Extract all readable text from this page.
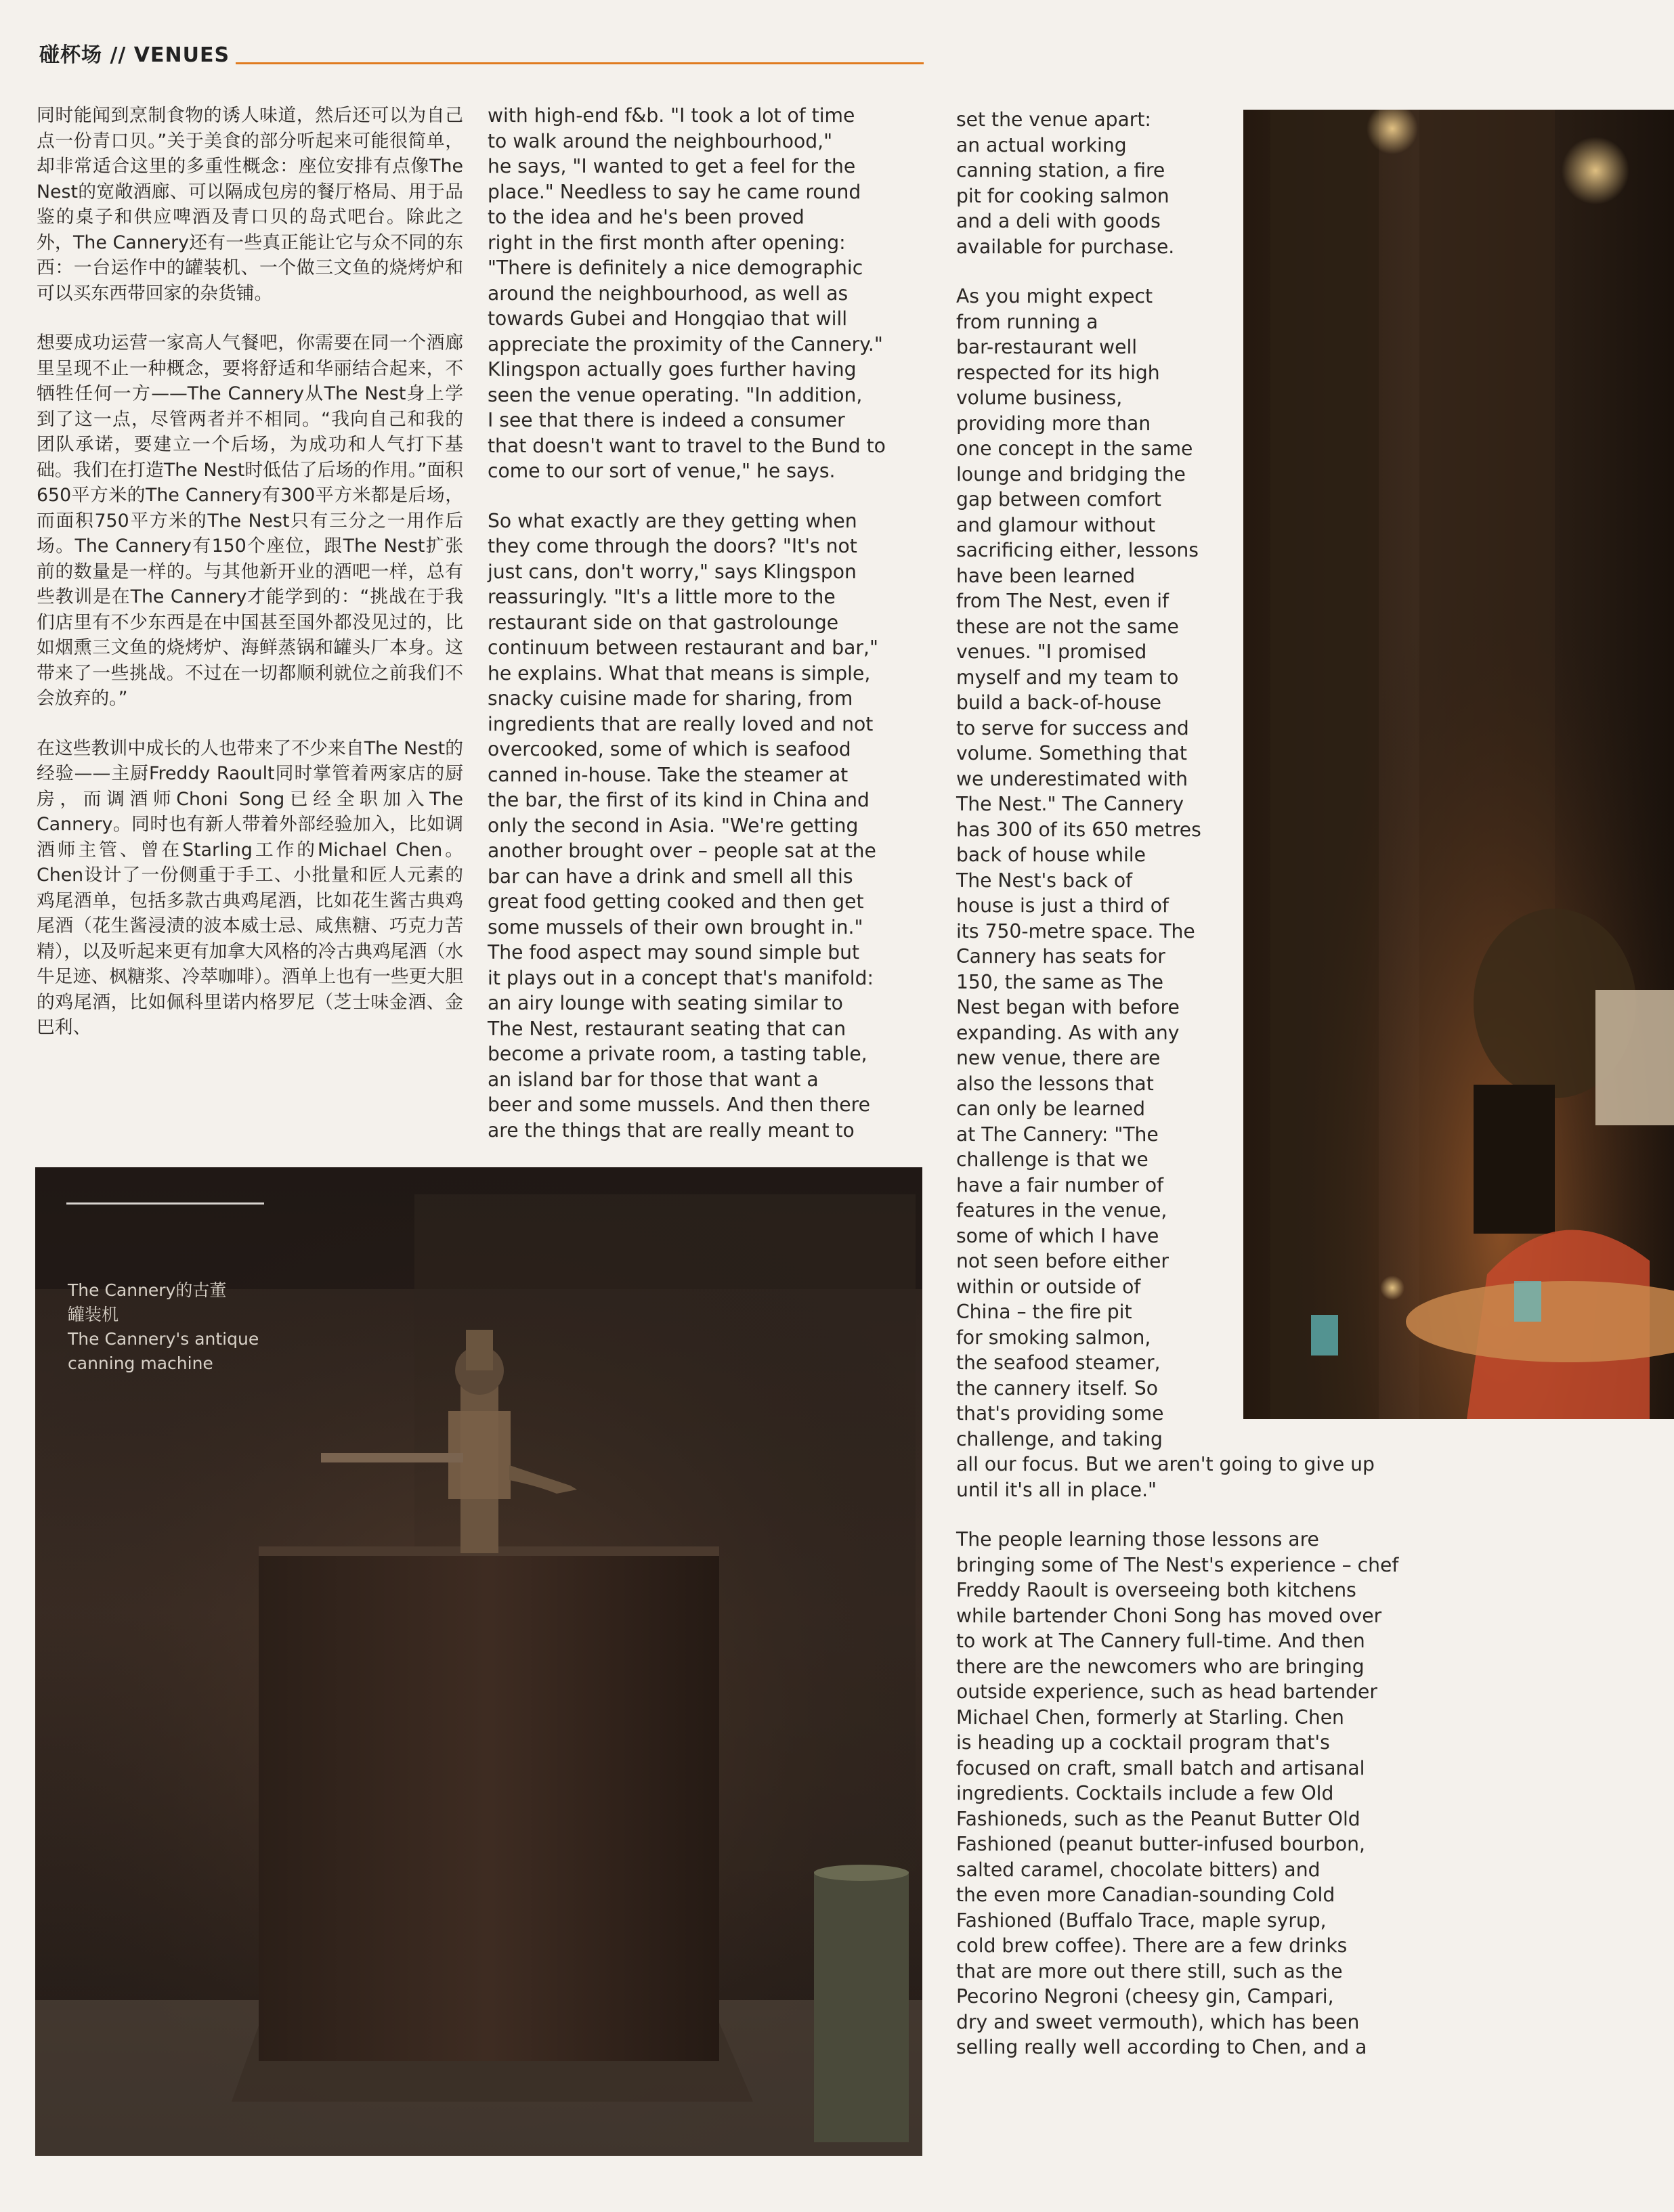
碰杯场 // VENUES

同时能闻到烹制食物的诱人味道，然后还可以为自己点一份青口贝。”关于美食的部分听起来可能很简单，却非常适合这里的多重性概念：座位安排有点像The Nest的宽敞酒廊、可以隔成包房的餐厅格局、用于品鉴的桌子和供应啤酒及青口贝的岛式吧台。除此之外，The Cannery还有一些真正能让它与众不同的东西：一台运作中的罐装机、一个做三文鱼的烧烤炉和可以买东西带回家的杂货铺。

想要成功运营一家高人气餐吧，你需要在同一个酒廊里呈现不止一种概念，要将舒适和华丽结合起来，不牺牲任何一方——The Cannery从The Nest身上学到了这一点，尽管两者并不相同。“我向自己和我的团队承诺，要建立一个后场，为成功和人气打下基础。我们在打造The Nest时低估了后场的作用。”面积650平方米的The Cannery有300平方米都是后场，而面积750平方米的The Nest只有三分之一用作后场。The Cannery有150个座位，跟The Nest扩张前的数量是一样的。与其他新开业的酒吧一样，总有些教训是在The Cannery才能学到的：“挑战在于我们店里有不少东西是在中国甚至国外都没见过的，比如烟熏三文鱼的烧烤炉、海鲜蒸锅和罐头厂本身。这带来了一些挑战。不过在一切都顺利就位之前我们不会放弃的。”

在这些教训中成长的人也带来了不少来自The Nest的经验——主厨Freddy Raoult同时掌管着两家店的厨房，而调酒师Choni Song已经全职加入The Cannery。同时也有新人带着外部经验加入，比如调酒师主管、曾在Starling工作的Michael Chen。Chen设计了一份侧重于手工、小批量和匠人元素的鸡尾酒单，包括多款古典鸡尾酒，比如花生酱古典鸡尾酒（花生酱浸渍的波本威士忌、咸焦糖、巧克力苦精），以及听起来更有加拿大风格的冷古典鸡尾酒（水牛足迹、枫糖浆、冷萃咖啡）。酒单上也有一些更大胆的鸡尾酒，比如佩科里诺内格罗尼（芝士味金酒、金巴利、

with high-end f&b. "I took a lot of time
to walk around the neighbourhood,"
he says, "I wanted to get a feel for the
place." Needless to say he came round
to the idea and he's been proved
right in the first month after opening:
"There is definitely a nice demographic
around the neighbourhood, as well as
towards Gubei and Hongqiao that will
appreciate the proximity of the Cannery."
Klingspon actually goes further having
seen the venue operating. "In addition,
I see that there is indeed a consumer
that doesn't want to travel to the Bund to
come to our sort of venue," he says.

So what exactly are they getting when
they come through the doors? "It's not
just cans, don't worry," says Klingspon
reassuringly. "It's a little more to the
restaurant side on that gastrolounge
continuum between restaurant and bar,"
he explains. What that means is simple,
snacky cuisine made for sharing, from
ingredients that are really loved and not
overcooked, some of which is seafood
canned in-house. Take the steamer at
the bar, the first of its kind in China and
only the second in Asia. "We're getting
another brought over – people sat at the
bar can have a drink and smell all this
great food getting cooked and then get
some mussels of their own brought in."
The food aspect may sound simple but
it plays out in a concept that's manifold:
an airy lounge with seating similar to
The Nest, restaurant seating that can
become a private room, a tasting table,
an island bar for those that want a
beer and some mussels. And then there
are the things that are really meant to

set the venue apart:
an actual working
canning station, a fire
pit for cooking salmon
and a deli with goods
available for purchase.

As you might expect
from running a
bar-restaurant well
respected for its high
volume business,
providing more than
one concept in the same
lounge and bridging the
gap between comfort
and glamour without
sacrificing either, lessons
have been learned
from The Nest, even if
these are not the same
venues. "I promised
myself and my team to
build a back-of-house
to serve for success and
volume. Something that
we underestimated with
The Nest." The Cannery
has 300 of its 650 metres
back of house while
The Nest's back of
house is just a third of
its 750-metre space. The
Cannery has seats for
150, the same as The
Nest began with before
expanding. As with any
new venue, there are
also the lessons that
can only be learned
at The Cannery: "The
challenge is that we
have a fair number of
features in the venue,
some of which I have
not seen before either
within or outside of
China – the fire pit
for smoking salmon,
the seafood steamer,
the cannery itself. So
that's providing some
challenge, and taking

all our focus. But we aren't going to give up
until it's all in place."

The people learning those lessons are
bringing some of The Nest's experience – chef
Freddy Raoult is overseeing both kitchens
while bartender Choni Song has moved over
to work at The Cannery full-time. And then
there are the newcomers who are bringing
outside experience, such as head bartender
Michael Chen, formerly at Starling. Chen
is heading up a cocktail program that's
focused on craft, small batch and artisanal
ingredients. Cocktails include a few Old
Fashioneds, such as the Peanut Butter Old
Fashioned (peanut butter-infused bourbon,
salted caramel, chocolate bitters) and
the even more Canadian-sounding Cold
Fashioned (Buffalo Trace, maple syrup,
cold brew coffee). There are a few drinks
that are more out there still, such as the
Pecorino Negroni (cheesy gin, Campari,
dry and sweet vermouth), which has been
selling really well according to Chen, and a

The Cannery的古董
罐装机
The Cannery's antique
canning machine
